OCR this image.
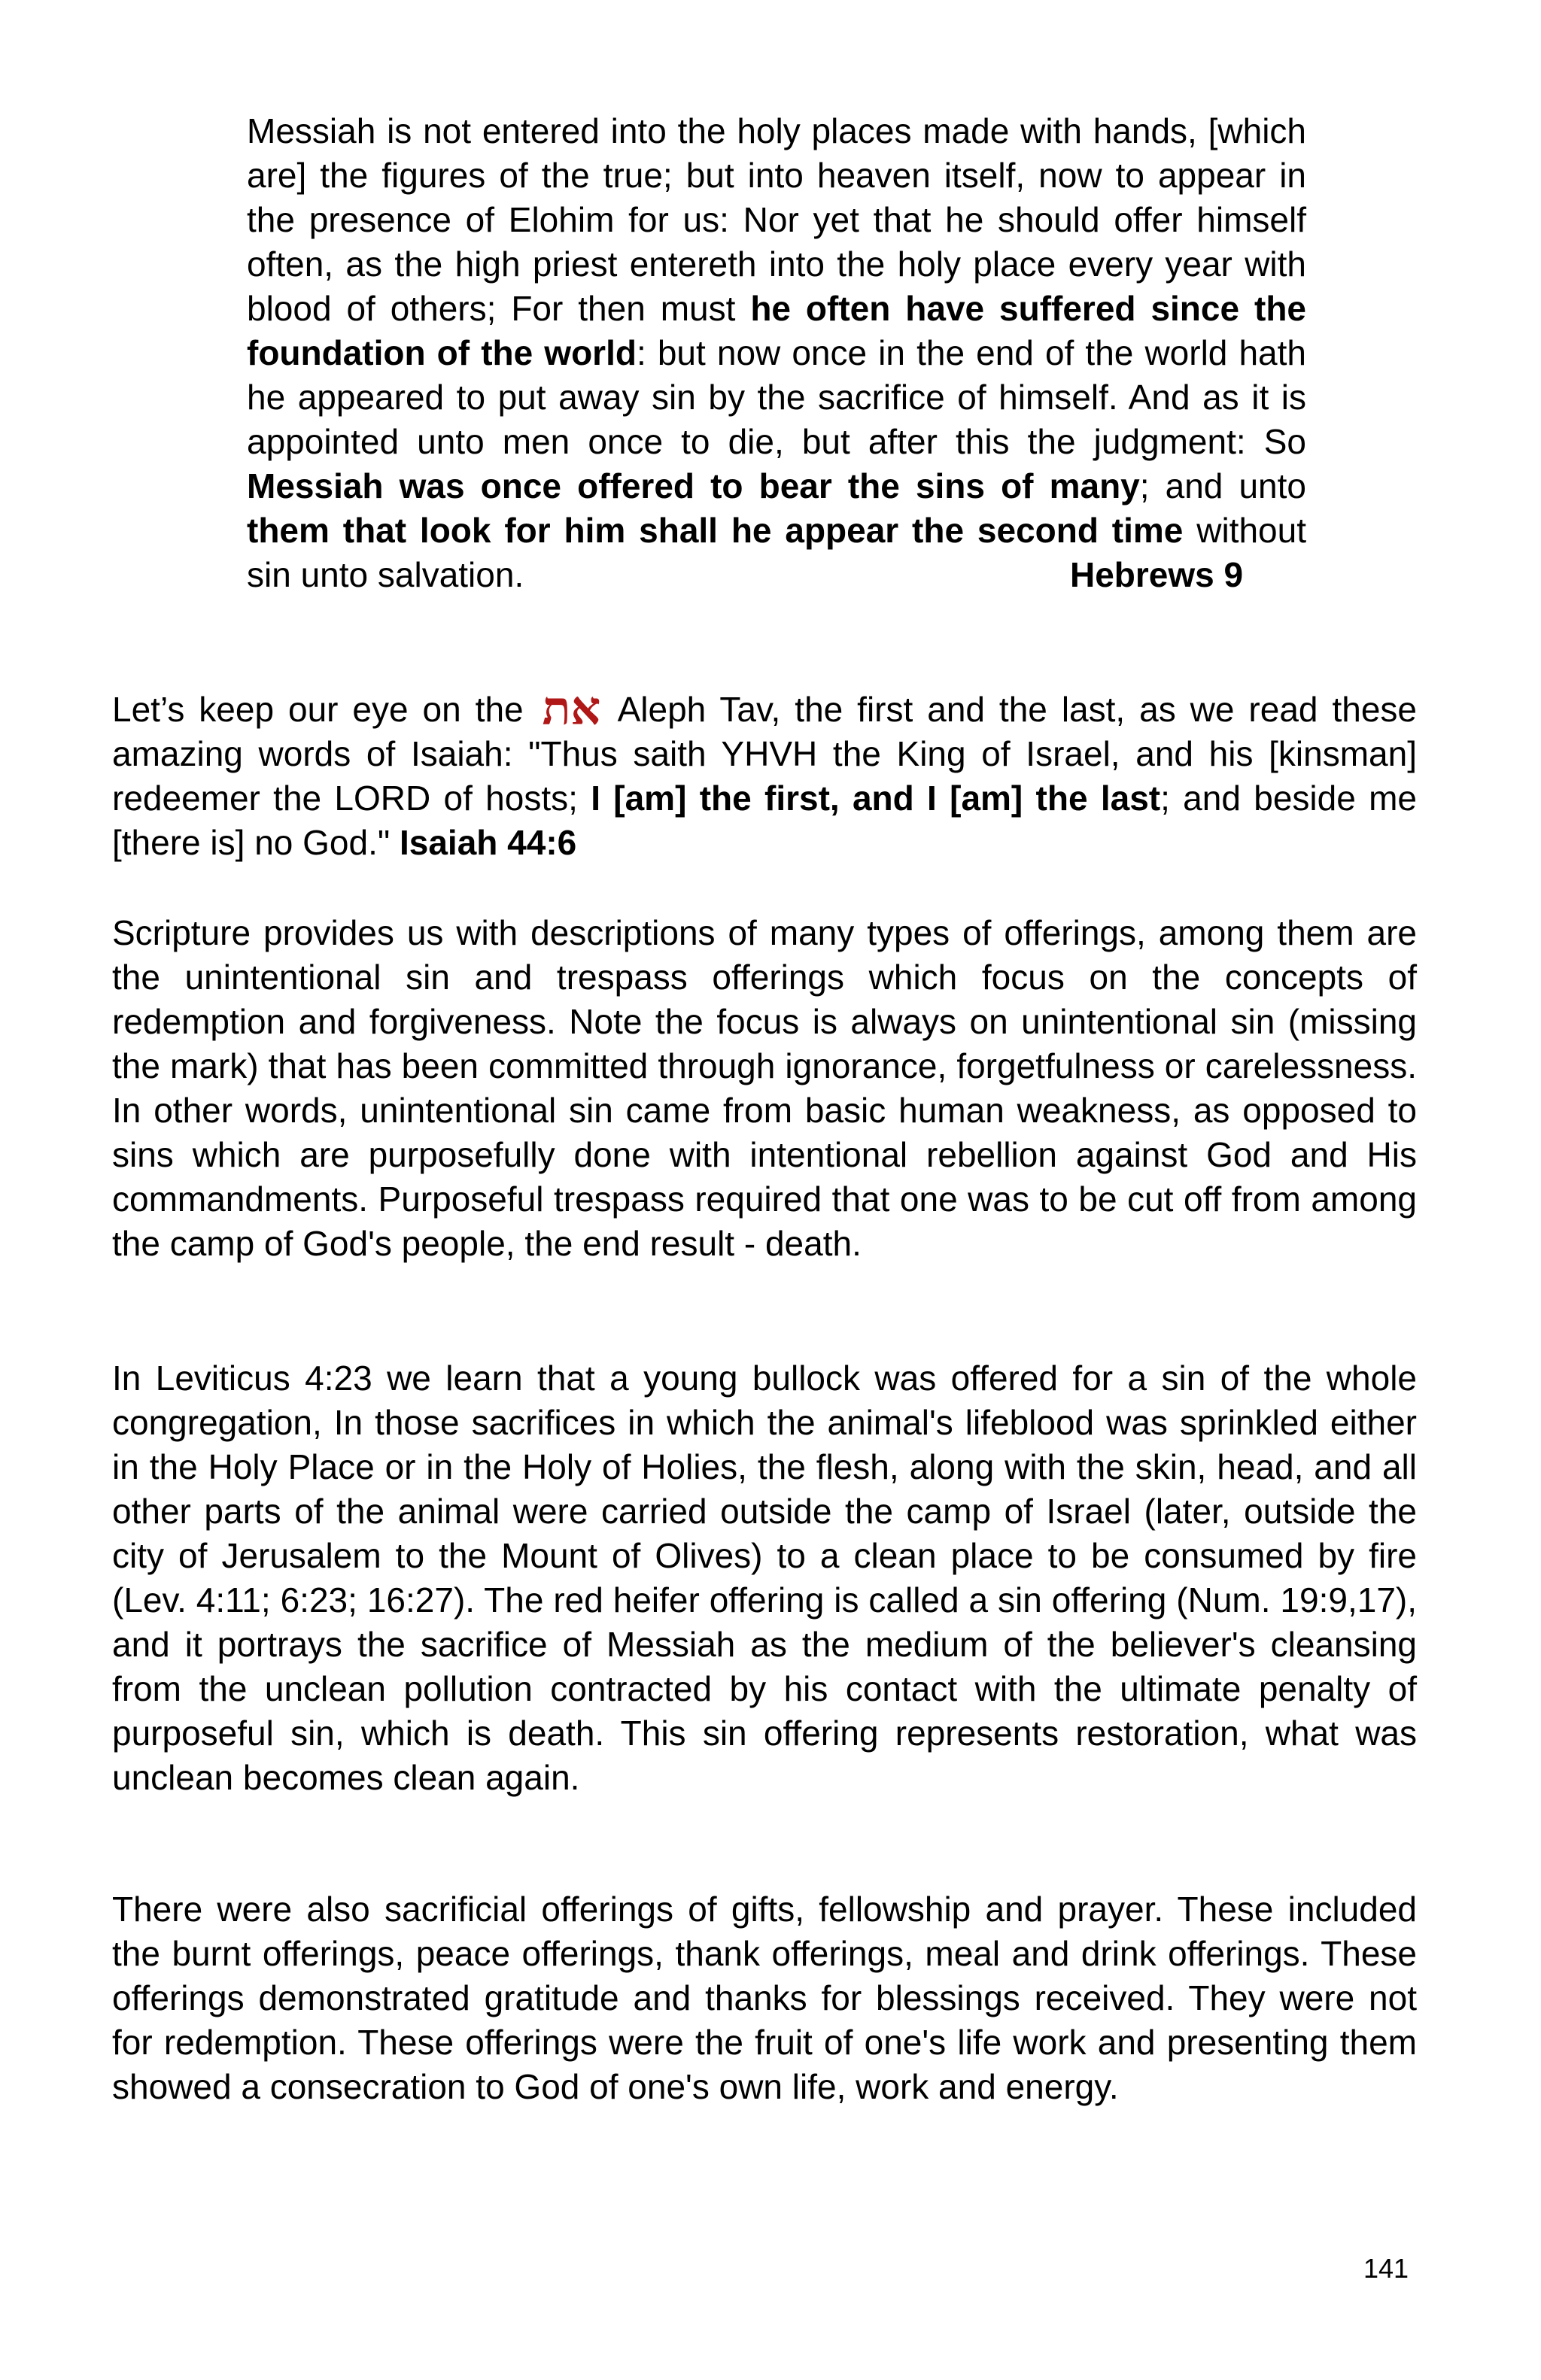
Messiah is not entered into the holy places made with hands, [which are] the figures of the true; but into heaven itself, now to appear in the presence of Elohim for us: Nor yet that he should offer himself often, as the high priest entereth into the holy place every year with blood of others; For then must he often have suffered since the foundation of the world: but now once in the end of the world hath he appeared to put away sin by the sacrifice of himself. And as it is appointed unto men once to die, but after this the judgment: So Messiah was once offered to bear the sins of many; and unto them that look for him shall he appear the second time without sin unto salvation.	Hebrews 9

Let’s keep our eye on the את Aleph Tav, the first and the last, as we read these amazing words of Isaiah: "Thus saith YHVH the King of Israel, and his [kinsman] redeemer the LORD of hosts; I [am] the first, and I [am] the last; and beside me [there is] no God." Isaiah 44:6

Scripture provides us with descriptions of many types of offerings, among them are the unintentional sin and trespass offerings which focus on the concepts of redemption and forgiveness. Note the focus is always on unintentional sin (missing the mark) that has been committed through ignorance, forgetfulness or carelessness. In other words, unintentional sin came from basic human weakness, as opposed to sins which are purposefully done with intentional rebellion against God and His commandments. Purposeful trespass required that one was to be cut off from among the camp of God's people, the end result - death.

In Leviticus 4:23 we learn that a young bullock was offered for a sin of the whole congregation, In those sacrifices in which the animal's lifeblood was sprinkled either in the Holy Place or in the Holy of Holies, the flesh, along with the skin, head, and all other parts of the animal were carried outside the camp of Israel (later, outside the city of Jerusalem to the Mount of Olives) to a clean place to be consumed by fire (Lev. 4:11; 6:23; 16:27). The red heifer offering is called a sin offering (Num. 19:9,17), and it portrays the sacrifice of Messiah as the medium of the believer's cleansing from the unclean pollution contracted by his contact with the ultimate penalty of purposeful sin, which is death. This sin offering represents restoration, what was unclean becomes clean again.

There were also sacrificial offerings of gifts, fellowship and prayer. These included the burnt offerings, peace offerings, thank offerings, meal and drink offerings. These offerings demonstrated gratitude and thanks for blessings received. They were not for redemption. These offerings were the fruit of one's life work and presenting them showed a consecration to God of one's own life, work and energy.

141
